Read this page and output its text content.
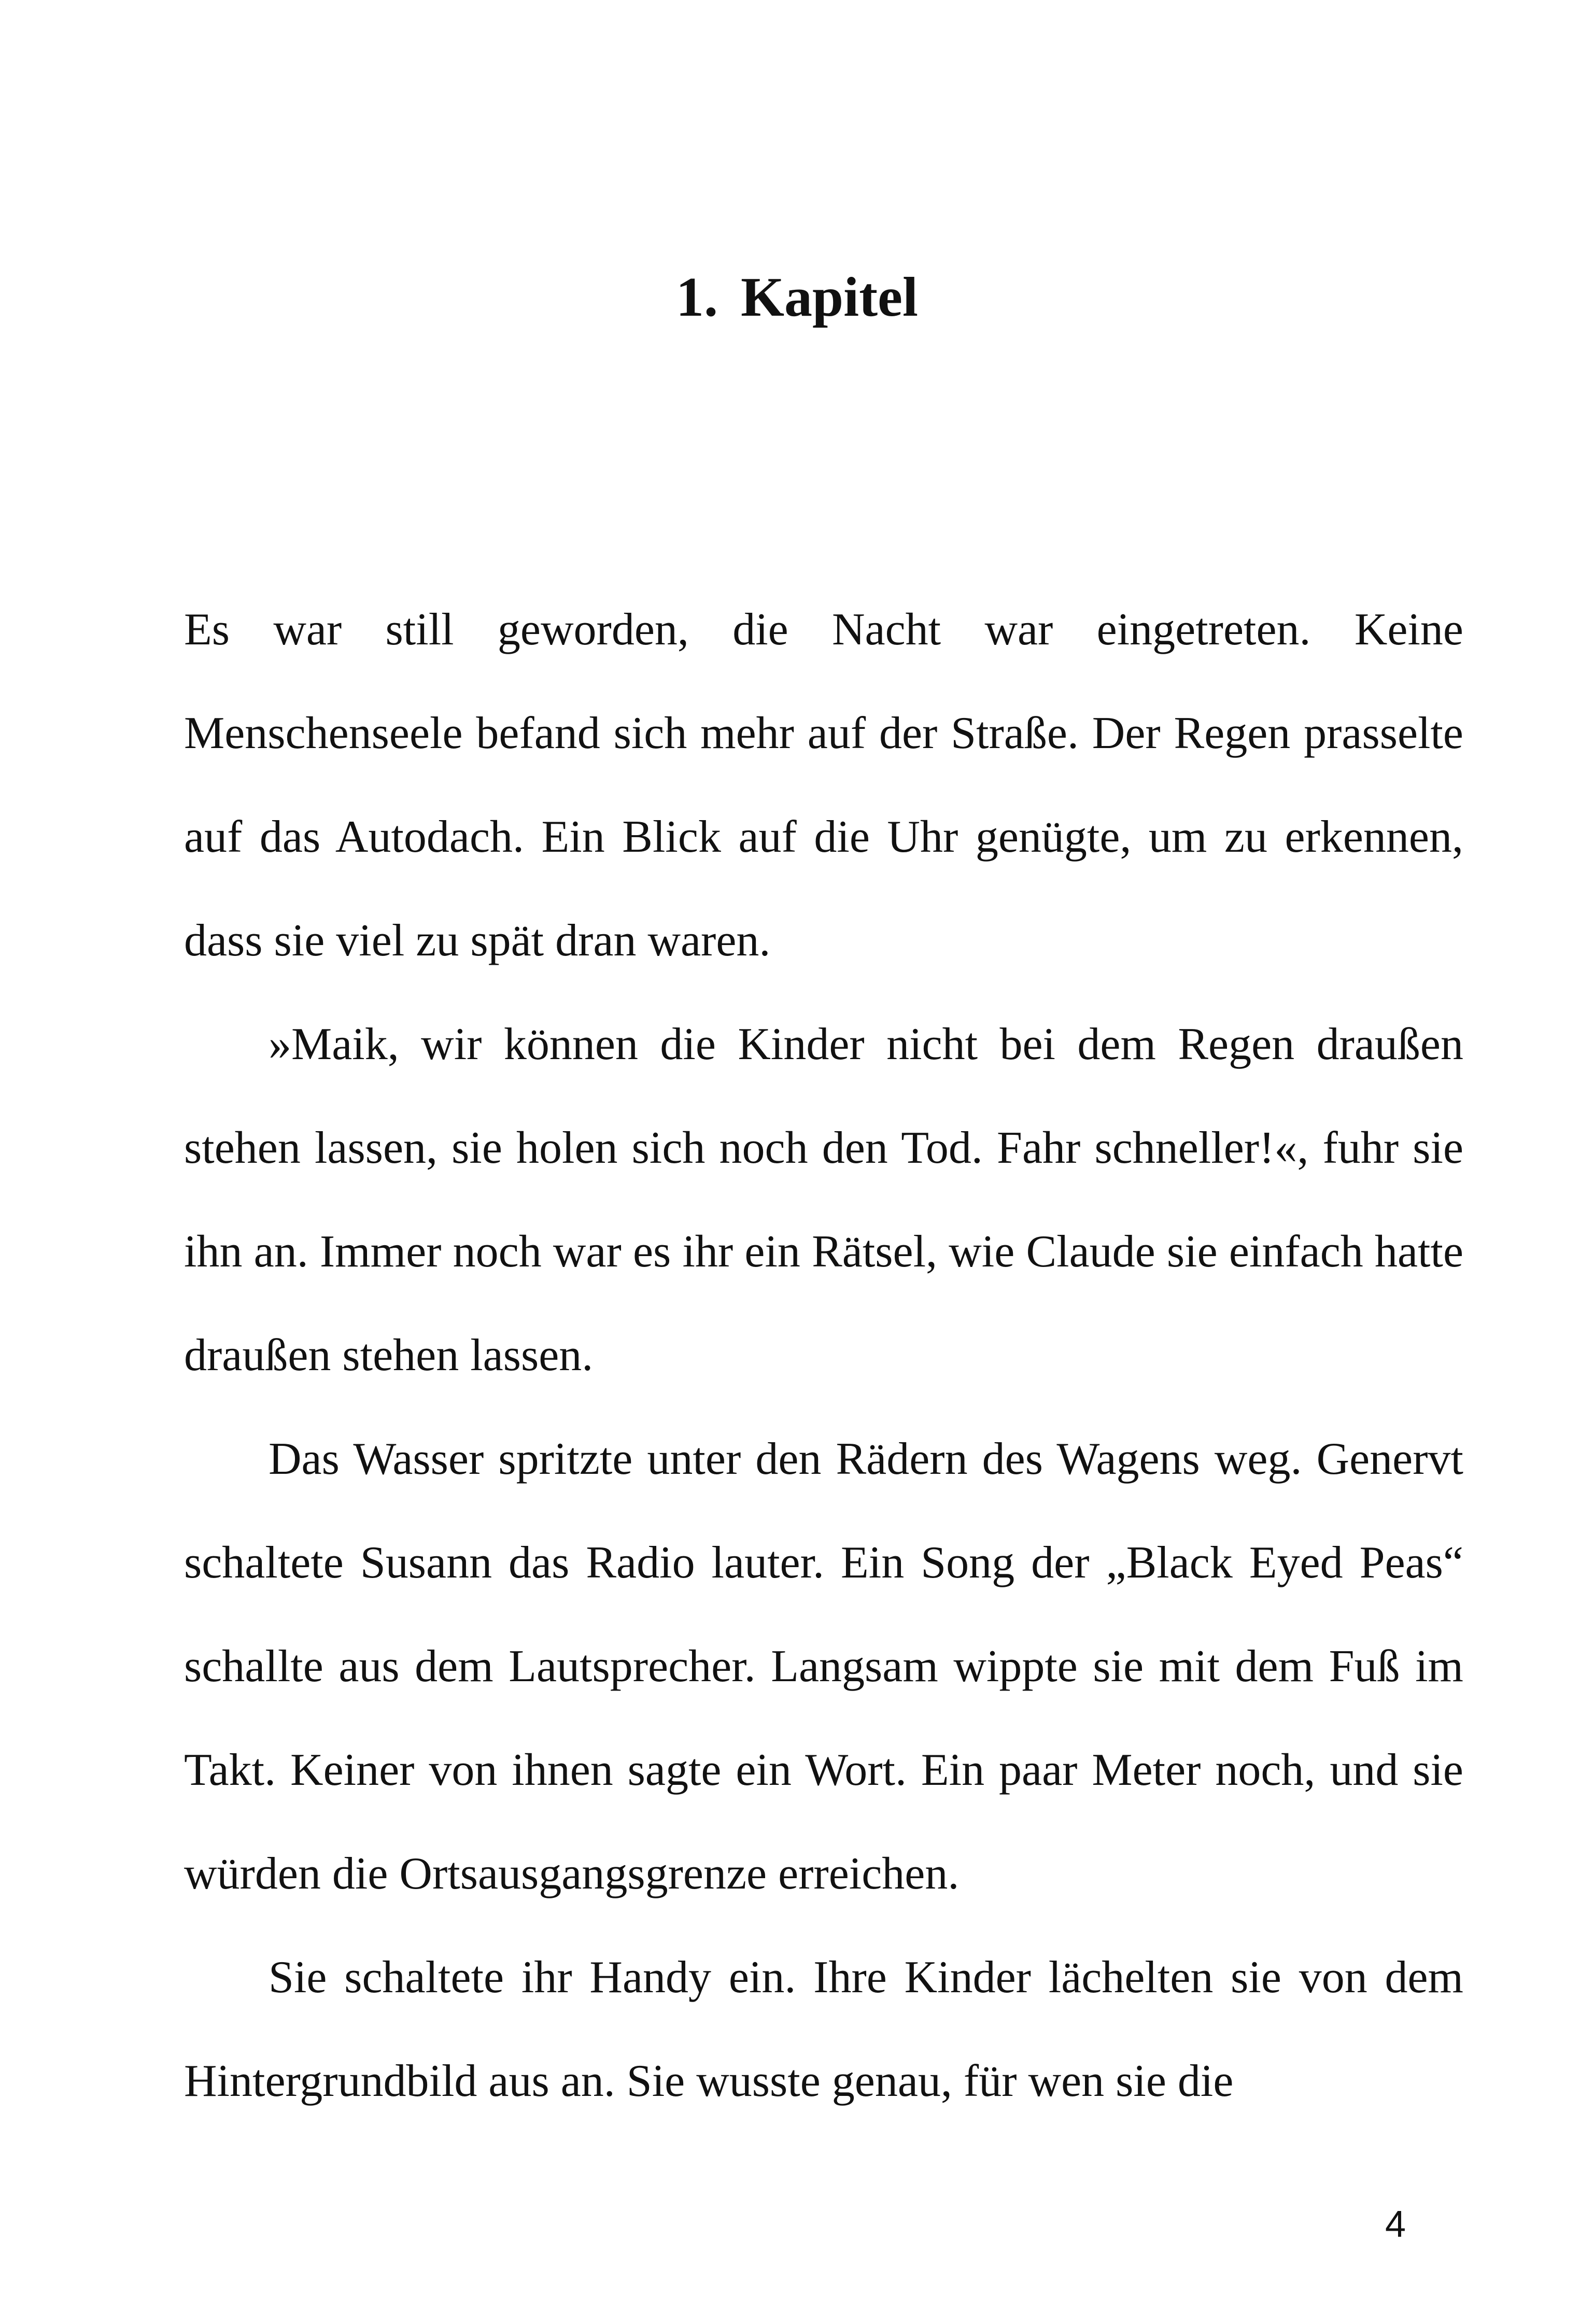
1. Kapitel

Es war still geworden, die Nacht war eingetreten. Keine Menschenseele befand sich mehr auf der Straße. Der Regen prasselte auf das Autodach. Ein Blick auf die Uhr genügte, um zu erkennen, dass sie viel zu spät dran waren.

»Maik, wir können die Kinder nicht bei dem Regen draußen stehen lassen, sie holen sich noch den Tod. Fahr schneller!«, fuhr sie ihn an. Immer noch war es ihr ein Rätsel, wie Claude sie einfach hatte draußen stehen lassen.

Das Wasser spritzte unter den Rädern des Wagens weg. Genervt schaltete Susann das Radio lauter. Ein Song der „Black Eyed Peas“ schallte aus dem Lautsprecher. Langsam wippte sie mit dem Fuß im Takt. Keiner von ihnen sagte ein Wort. Ein paar Meter noch, und sie würden die Ortsausgangsgrenze erreichen.

Sie schaltete ihr Handy ein. Ihre Kinder lächelten sie von dem Hintergrundbild aus an. Sie wusste genau, für wen sie die

4
